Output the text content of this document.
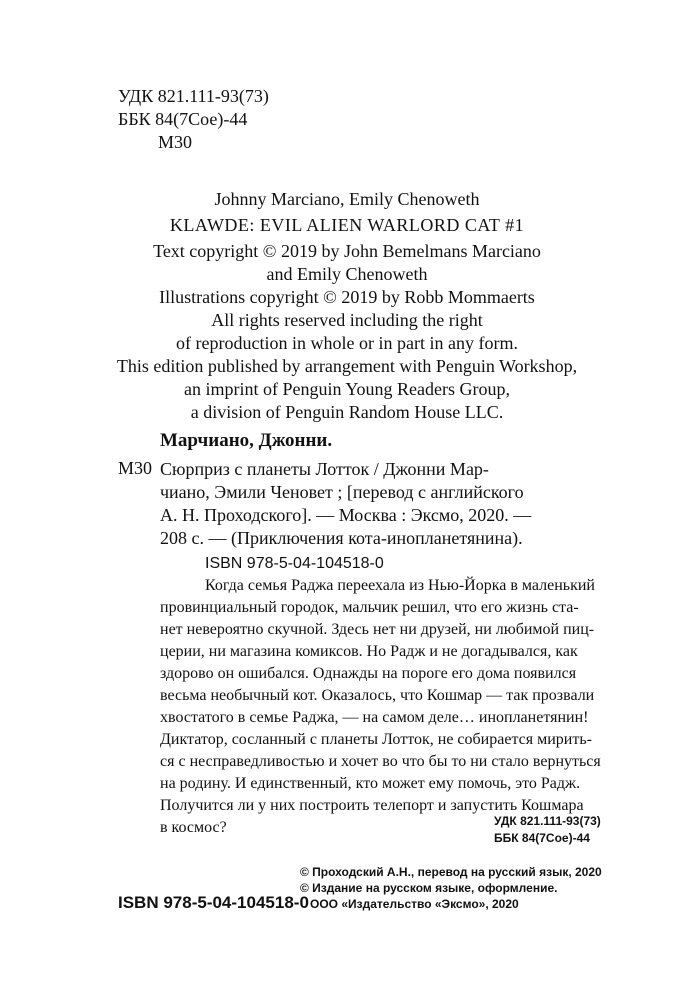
УДК 821.111-93(73)
ББК 84(7Сое)-44
М30
Johnny Marciano, Emily Chenoweth
KLAWDE: EVIL ALIEN WARLORD CAT #1
Text copyright © 2019 by John Bemelmans Marciano
and Emily Chenoweth
Illustrations copyright © 2019 by Robb Mommaerts
All rights reserved including the right
of reproduction in whole or in part in any form.
This edition published by arrangement with Penguin Workshop,
an imprint of Penguin Young Readers Group,
a division of Penguin Random House LLC.
Марчиано, Джонни.
М30 Сюрприз с планеты Лотток / Джонни Мар-
чиано, Эмили Ченовет ; [перевод с английского
А. Н. Проходского]. — Москва : Эксмо, 2020. —
208 с. — (Приключения кота-инопланетянина).
ISBN 978-5-04-104518-0
Когда семья Раджа переехала из Нью-Йорка в маленький
провинциальный городок, мальчик решил, что его жизнь ста-
нет невероятно скучной. Здесь нет ни друзей, ни любимой пиц-
церии, ни магазина комиксов. Но Радж и не догадывался, как
здорово он ошибался. Однажды на пороге его дома появился
весьма необычный кот. Оказалось, что Кошмар — так прозвали
хвостатого в семье Раджа, — на самом деле… инопланетянин!
Диктатор, сосланный с планеты Лотток, не собирается мирить-
ся с несправедливостью и хочет во что бы то ни стало вернуться
на родину. И единственный, кто может ему помочь, это Радж.
Получится ли у них построить телепорт и запустить Кошмара
в космос?	УДК 821.111-93(73)
ББК 84(7Сое)-44
ISBN 978-5-04-104518-0
© Проходский А.Н., перевод на русский язык, 2020
© Издание на русском языке, оформление.
ООО «Издательство «Эксмо», 2020
